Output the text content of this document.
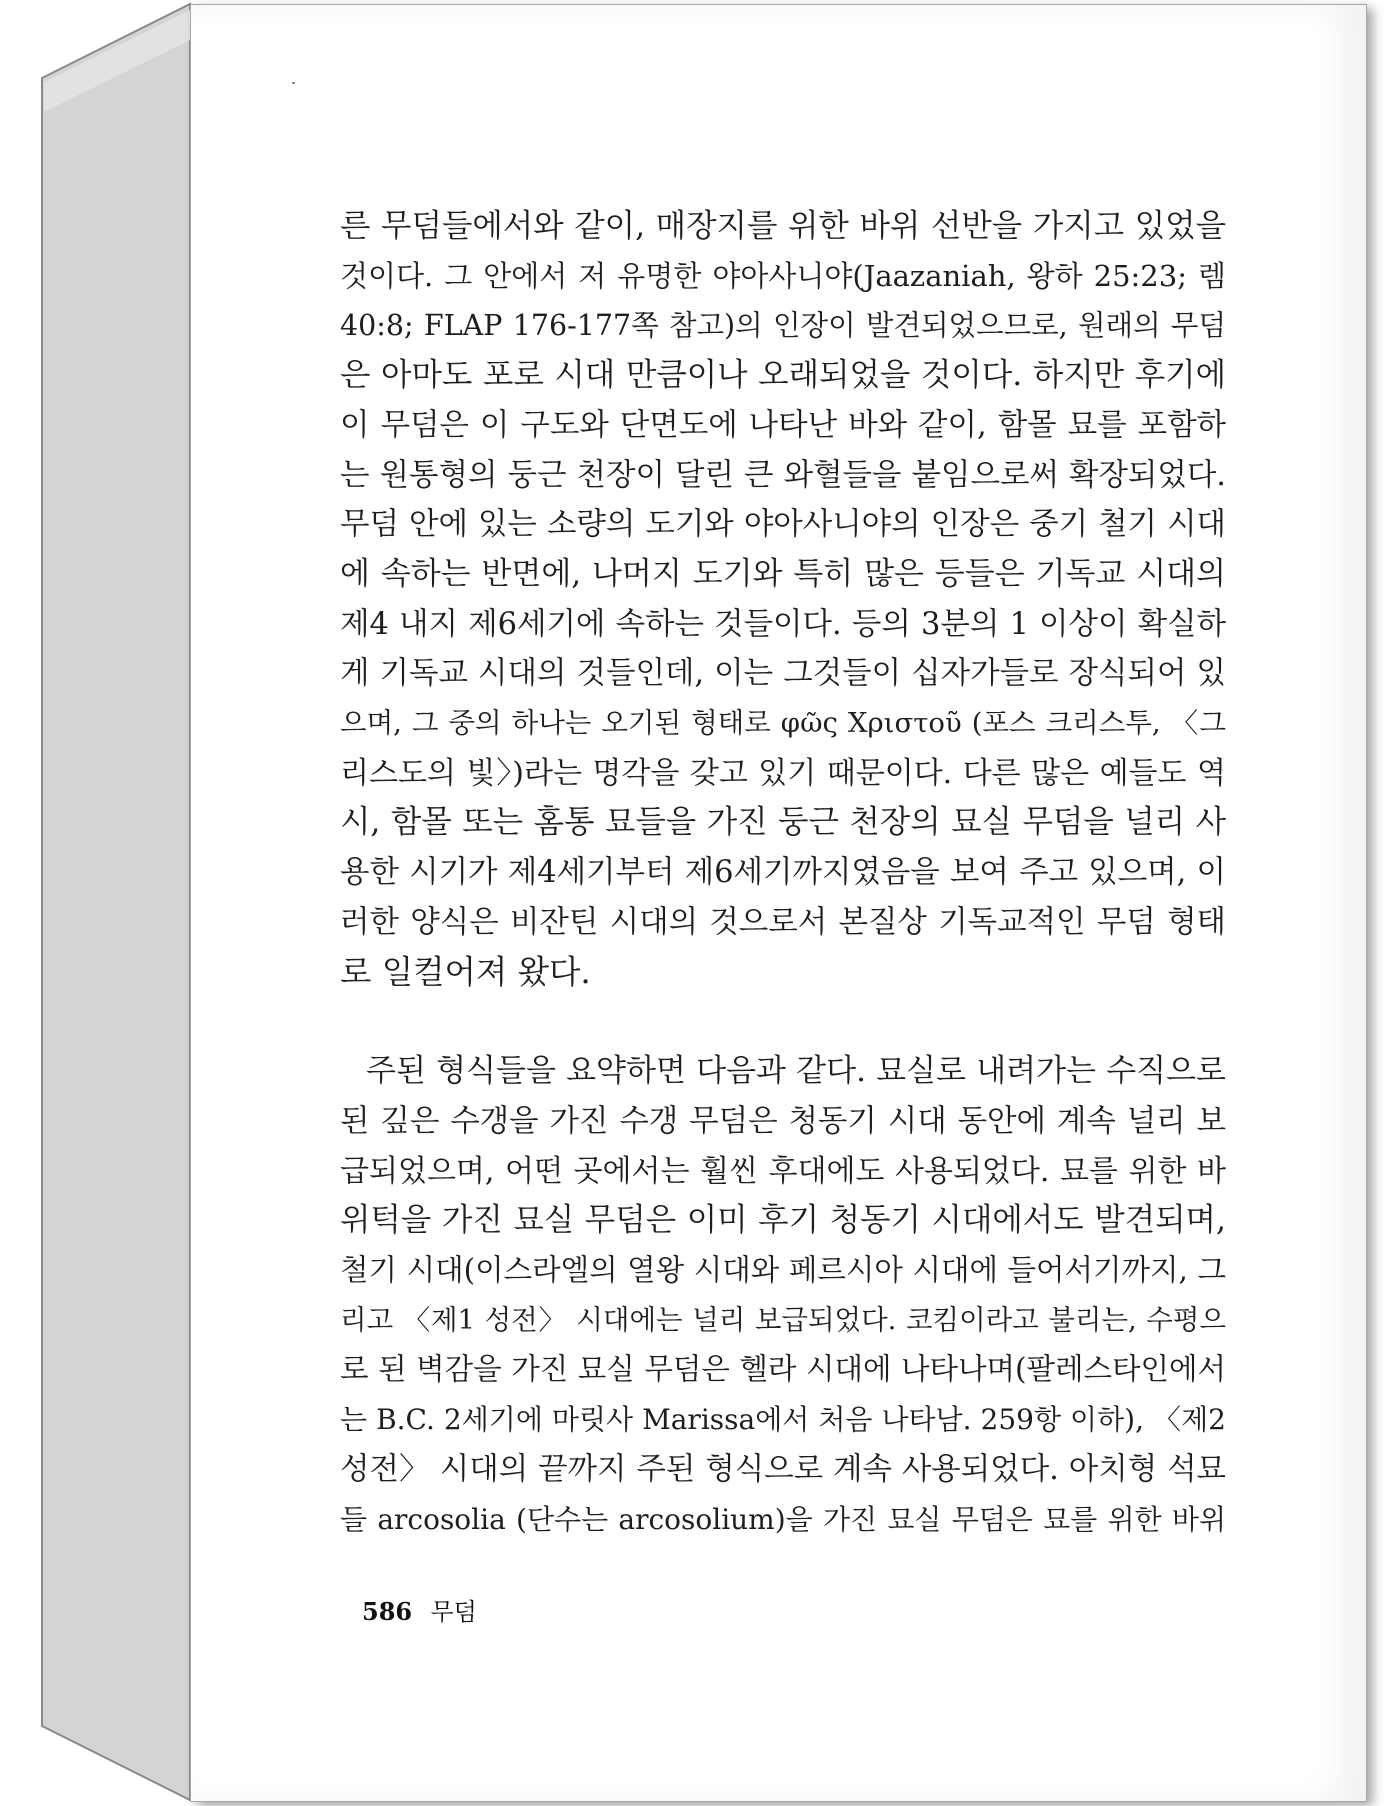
른 무덤들에서와 같이, 매장지를 위한 바위 선반을 가지고 있었을
것이다. 그 안에서 저 유명한 야아사니야(Jaazaniah, 왕하 25:23; 렘
40:8; FLAP 176-177쪽 참고)의 인장이 발견되었으므로, 원래의 무덤
은 아마도 포로 시대 만큼이나 오래되었을 것이다. 하지만 후기에
이 무덤은 이 구도와 단면도에 나타난 바와 같이, 함몰 묘를 포함하
는 원통형의 둥근 천장이 달린 큰 와혈들을 붙임으로써 확장되었다.
무덤 안에 있는 소량의 도기와 야아사니야의 인장은 중기 철기 시대
에 속하는 반면에, 나머지 도기와 특히 많은 등들은 기독교 시대의
제4 내지 제6세기에 속하는 것들이다. 등의 3분의 1 이상이 확실하
게 기독교 시대의 것들인데, 이는 그것들이 십자가들로 장식되어 있
으며, 그 중의 하나는 오기된 형태로 φῶς Χριστοῦ (포스 크리스투, 〈그
리스도의 빛〉)라는 명각을 갖고 있기 때문이다. 다른 많은 예들도 역
시, 함몰 또는 홈통 묘들을 가진 둥근 천장의 묘실 무덤을 널리 사
용한 시기가 제4세기부터 제6세기까지였음을 보여 주고 있으며, 이
러한 양식은 비잔틴 시대의 것으로서 본질상 기독교적인 무덤 형태
로 일컬어져 왔다.

주된 형식들을 요약하면 다음과 같다. 묘실로 내려가는 수직으로
된 깊은 수갱을 가진 수갱 무덤은 청동기 시대 동안에 계속 널리 보
급되었으며, 어떤 곳에서는 훨씬 후대에도 사용되었다. 묘를 위한 바
위턱을 가진 묘실 무덤은 이미 후기 청동기 시대에서도 발견되며,
철기 시대(이스라엘의 열왕 시대와 페르시아 시대에 들어서기까지, 그
리고 〈제1 성전〉 시대에는 널리 보급되었다. 코킴이라고 불리는, 수평으
로 된 벽감을 가진 묘실 무덤은 헬라 시대에 나타나며(팔레스타인에서
는 B.C. 2세기에 마릿사 Marissa에서 처음 나타남. 259항 이하), 〈제2
성전〉 시대의 끝까지 주된 형식으로 계속 사용되었다. 아치형 석묘
들 arcosolia (단수는 arcosolium)을 가진 묘실 무덤은 묘를 위한 바위

586 무덤
